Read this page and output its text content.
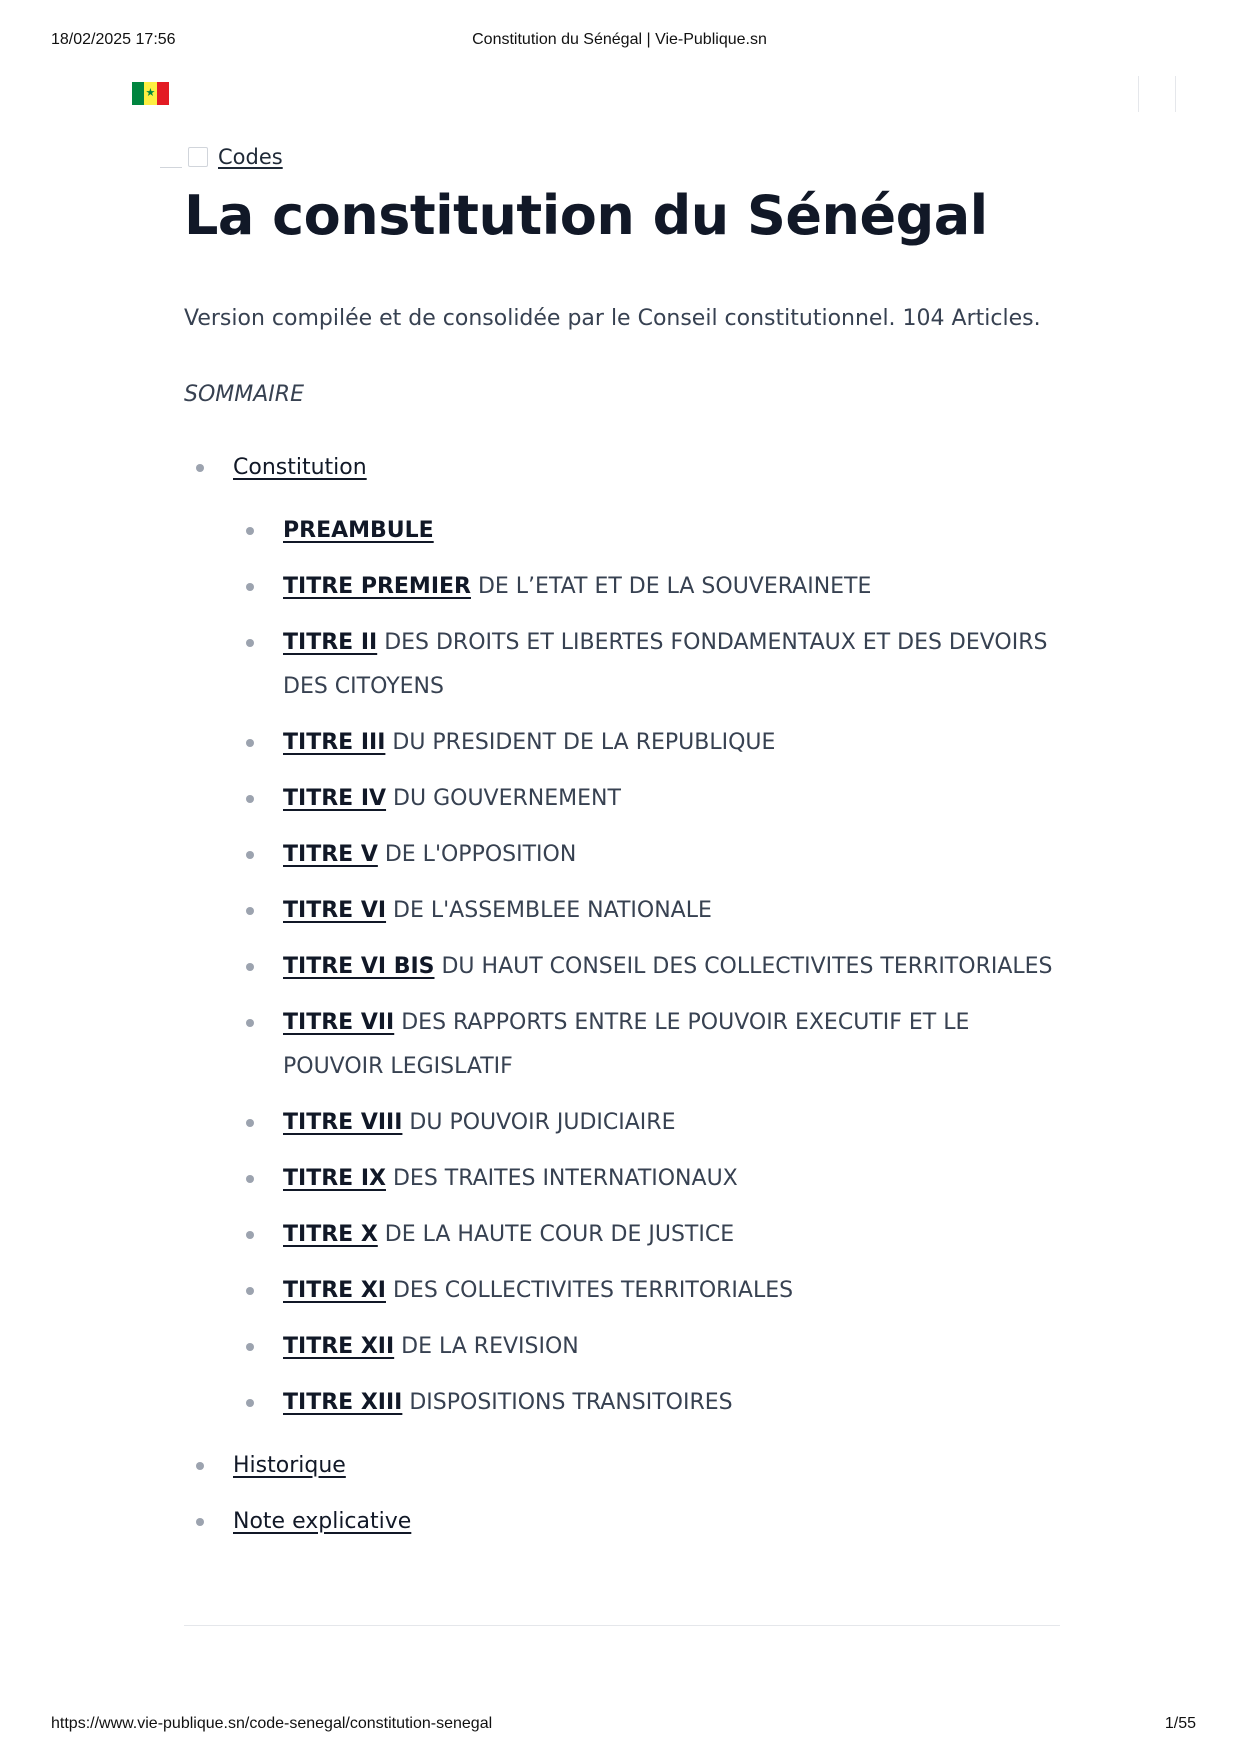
18/02/2025 17:56	Constitution du Sénégal | Vie-Publique.sn
★
Codes
La constitution du Sénégal

Version compilée et de consolidée par le Conseil constitutionnel. 104 Articles.

SOMMAIRE

Constitution
PREAMBULE
TITRE PREMIER DE L’ETAT ET DE LA SOUVERAINETE
TITRE II DES DROITS ET LIBERTES FONDAMENTAUX ET DES DEVOIRS
DES CITOYENS
TITRE III DU PRESIDENT DE LA REPUBLIQUE
TITRE IV DU GOUVERNEMENT
TITRE V DE L'OPPOSITION
TITRE VI DE L'ASSEMBLEE NATIONALE
TITRE VI BIS DU HAUT CONSEIL DES COLLECTIVITES TERRITORIALES
TITRE VII DES RAPPORTS ENTRE LE POUVOIR EXECUTIF ET LE
POUVOIR LEGISLATIF
TITRE VIII DU POUVOIR JUDICIAIRE
TITRE IX DES TRAITES INTERNATIONAUX
TITRE X DE LA HAUTE COUR DE JUSTICE
TITRE XI DES COLLECTIVITES TERRITORIALES
TITRE XII DE LA REVISION
TITRE XIII DISPOSITIONS TRANSITOIRES
Historique
Note explicative
https://www.vie-publique.sn/code-senegal/constitution-senegal	1/55
